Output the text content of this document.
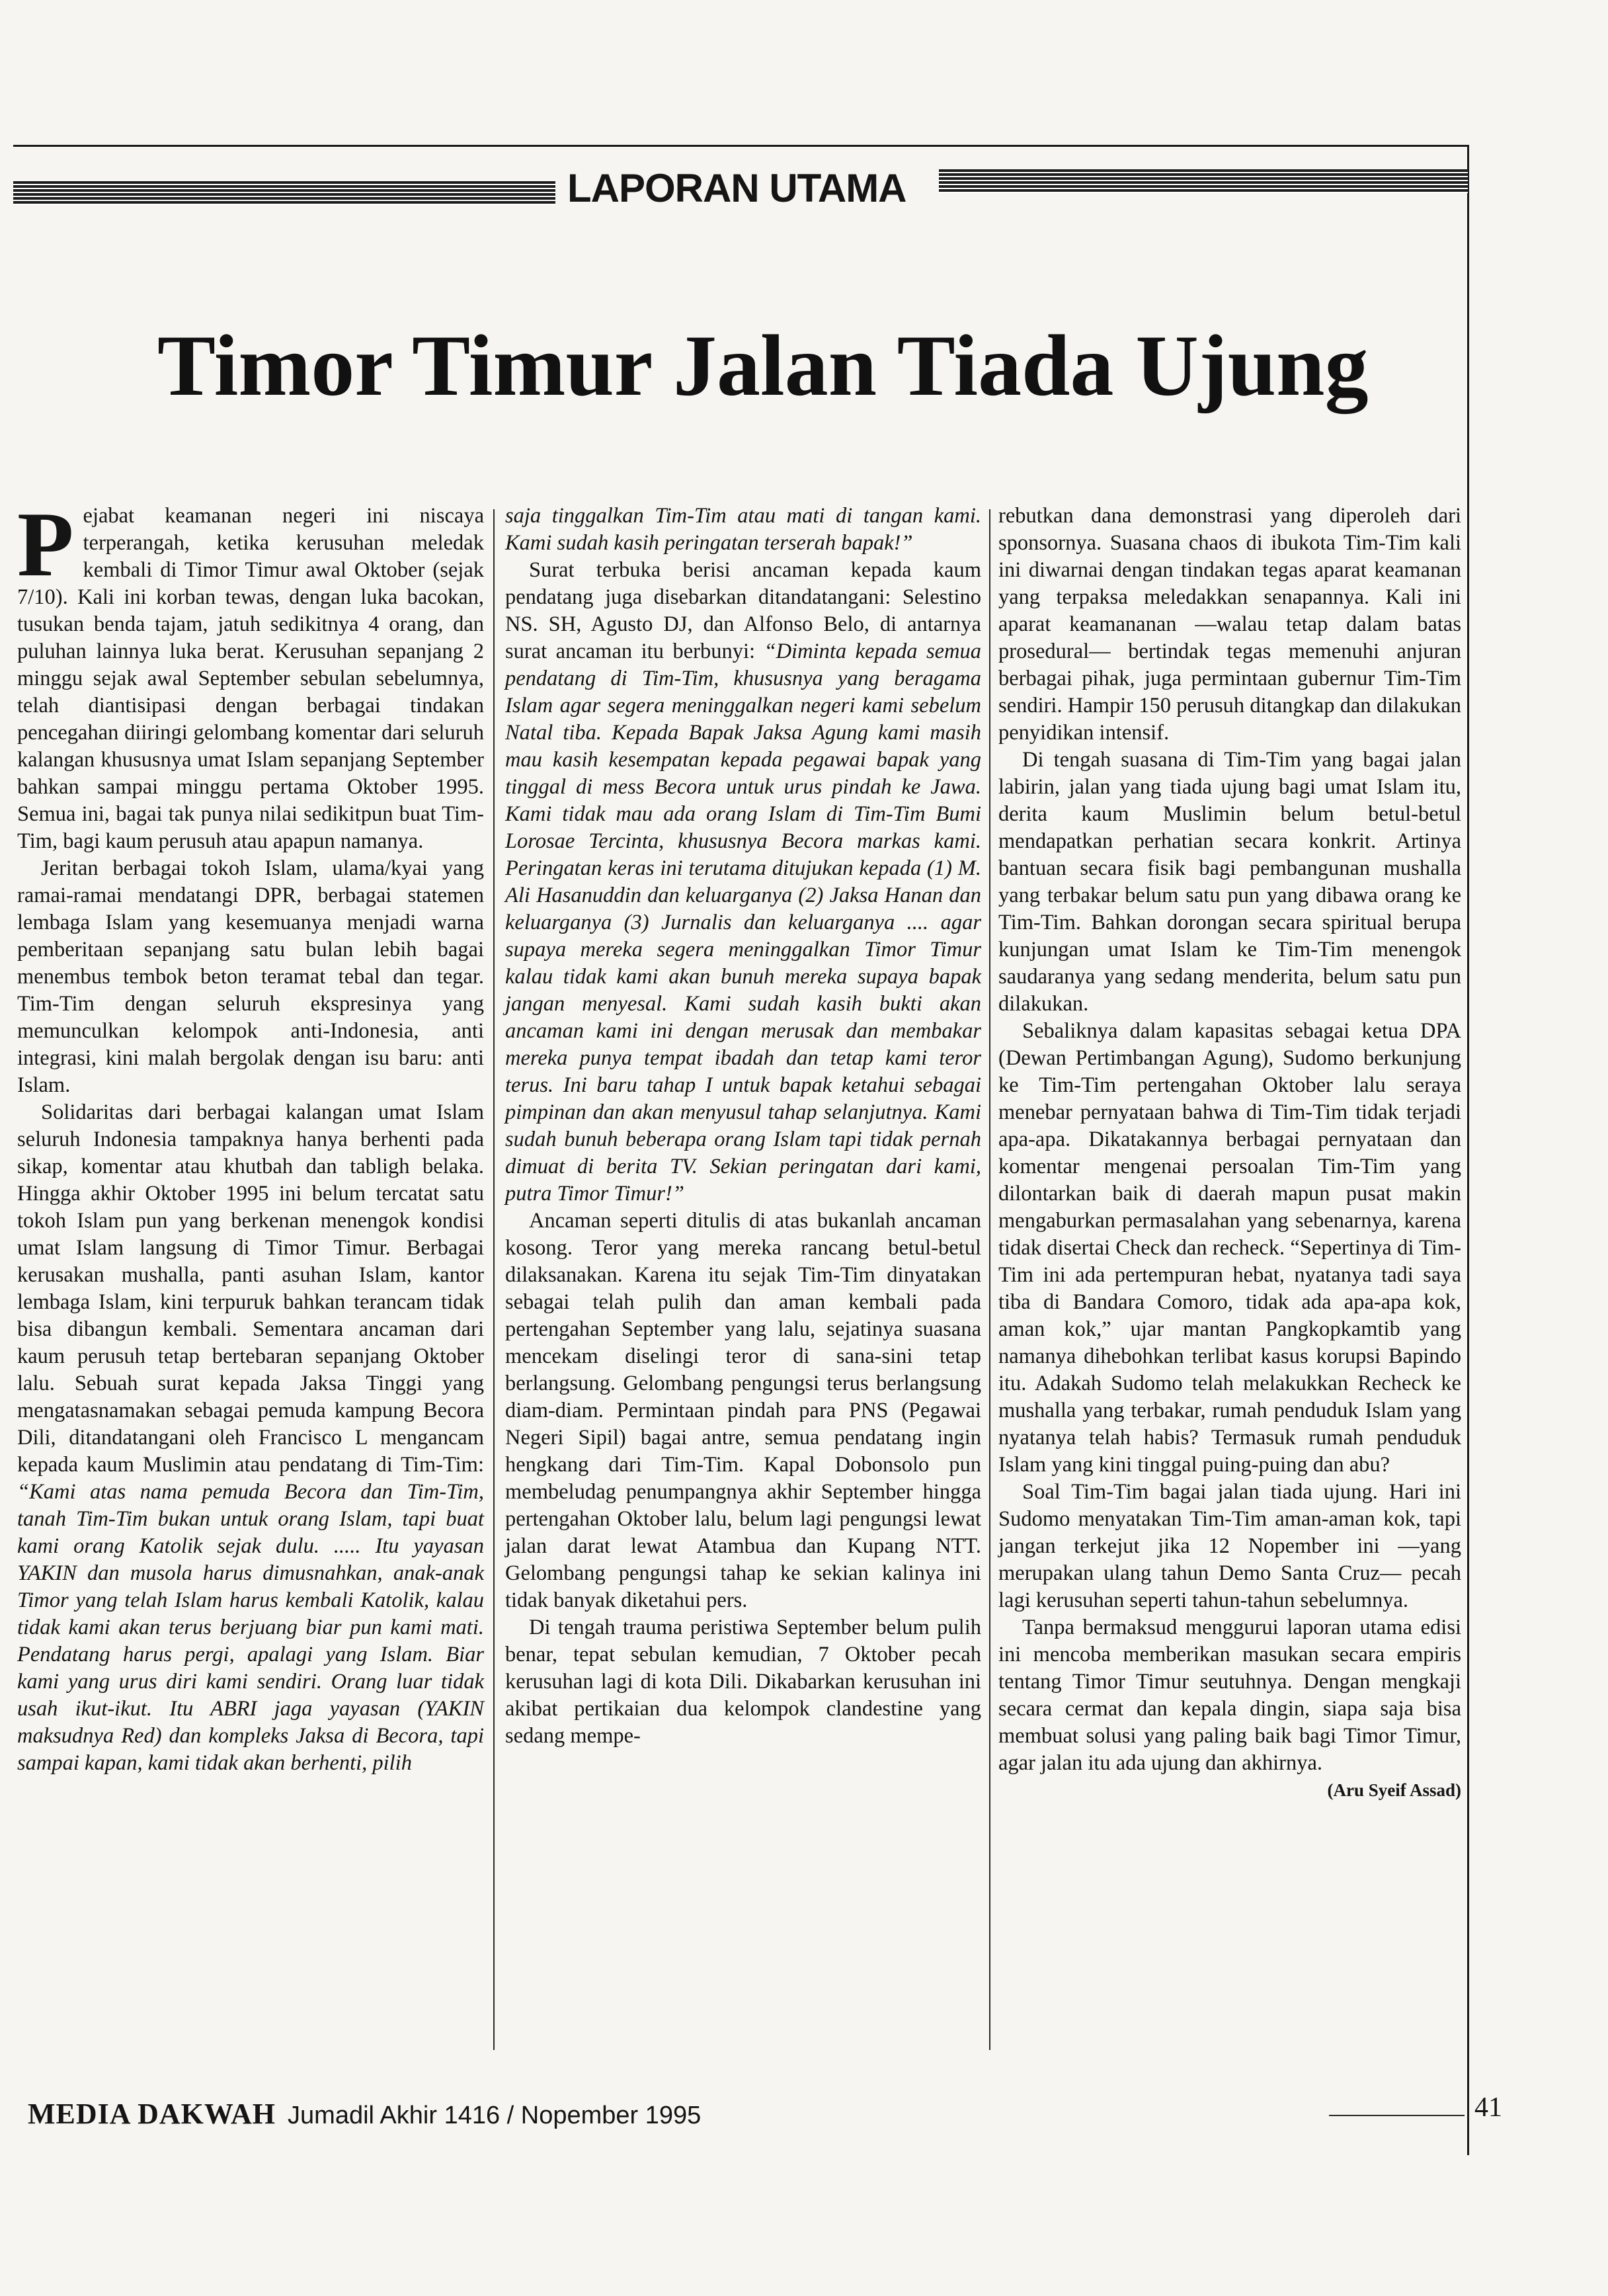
LAPORAN UTAMA
Timor Timur Jalan Tiada Ujung

Pejabat keamanan negeri ini niscaya terperangah, ketika kerusuhan meledak kembali di Timor Timur awal Oktober (sejak 7/10). Kali ini korban tewas, dengan luka bacokan, tusukan benda tajam, jatuh sedikitnya 4 orang, dan puluhan lainnya luka berat. Kerusuhan sepanjang 2 minggu sejak awal September sebulan sebelumnya, telah diantisipasi dengan berbagai tindakan pencegahan diiringi gelombang komentar dari seluruh kalangan khususnya umat Islam sepanjang September bahkan sampai minggu pertama Oktober 1995. Semua ini, bagai tak punya nilai sedikitpun buat Tim-Tim, bagi kaum perusuh atau apapun namanya.

Jeritan berbagai tokoh Islam, ulama/kyai yang ramai-ramai mendatangi DPR, berbagai statemen lembaga Islam yang kesemuanya menjadi warna pemberitaan sepanjang satu bulan lebih bagai menembus tembok beton teramat tebal dan tegar. Tim-Tim dengan seluruh ekspresinya yang memunculkan kelompok anti-Indonesia, anti integrasi, kini malah bergolak dengan isu baru: anti Islam.

Solidaritas dari berbagai kalangan umat Islam seluruh Indonesia tampaknya hanya berhenti pada sikap, komentar atau khutbah dan tabligh belaka. Hingga akhir Oktober 1995 ini belum tercatat satu tokoh Islam pun yang berkenan menengok kondisi umat Islam langsung di Timor Timur. Berbagai kerusakan mushalla, panti asuhan Islam, kantor lembaga Islam, kini terpuruk bahkan terancam tidak bisa dibangun kembali. Sementara ancaman dari kaum perusuh tetap bertebaran sepanjang Oktober lalu. Sebuah surat kepada Jaksa Tinggi yang mengatasnamakan sebagai pemuda kampung Becora Dili, ditandatangani oleh Francisco L mengancam kepada kaum Muslimin atau pendatang di Tim-Tim: “Kami atas nama pemuda Becora dan Tim-Tim, tanah Tim-Tim bukan untuk orang Islam, tapi buat kami orang Katolik sejak dulu. ..... Itu yayasan YAKIN dan musola harus dimusnahkan, anak-anak Timor yang telah Islam harus kembali Katolik, kalau tidak kami akan terus berjuang biar pun kami mati. Pendatang harus pergi, apalagi yang Islam. Biar kami yang urus diri kami sendiri. Orang luar tidak usah ikut-ikut. Itu ABRI jaga yayasan (YAKIN maksudnya Red) dan kompleks Jaksa di Becora, tapi sampai kapan, kami tidak akan berhenti, pilih

saja tinggalkan Tim-Tim atau mati di tangan kami. Kami sudah kasih peringatan terserah bapak!”

Surat terbuka berisi ancaman kepada kaum pendatang juga disebarkan ditandatangani: Selestino NS. SH, Agusto DJ, dan Alfonso Belo, di antarnya surat ancaman itu berbunyi: “Diminta kepada semua pendatang di Tim-Tim, khususnya yang beragama Islam agar segera meninggalkan negeri kami sebelum Natal tiba. Kepada Bapak Jaksa Agung kami masih mau kasih kesempatan kepada pegawai bapak yang tinggal di mess Becora untuk urus pindah ke Jawa. Kami tidak mau ada orang Islam di Tim-Tim Bumi Lorosae Tercinta, khususnya Becora markas kami. Peringatan keras ini terutama ditujukan kepada (1) M. Ali Hasanuddin dan keluarganya (2) Jaksa Hanan dan keluarganya (3) Jurnalis dan keluarganya .... agar supaya mereka segera meninggalkan Timor Timur kalau tidak kami akan bunuh mereka supaya bapak jangan menyesal. Kami sudah kasih bukti akan ancaman kami ini dengan merusak dan membakar mereka punya tempat ibadah dan tetap kami teror terus. Ini baru tahap I untuk bapak ketahui sebagai pimpinan dan akan menyusul tahap selanjutnya. Kami sudah bunuh beberapa orang Islam tapi tidak pernah dimuat di berita TV. Sekian peringatan dari kami, putra Timor Timur!”

Ancaman seperti ditulis di atas bukanlah ancaman kosong. Teror yang mereka rancang betul-betul dilaksanakan. Karena itu sejak Tim-Tim dinyatakan sebagai telah pulih dan aman kembali pada pertengahan September yang lalu, sejatinya suasana mencekam diselingi teror di sana-sini tetap berlangsung. Gelombang pengungsi terus berlangsung diam-diam. Permintaan pindah para PNS (Pegawai Negeri Sipil) bagai antre, semua pendatang ingin hengkang dari Tim-Tim. Kapal Dobonsolo pun membeludag penumpangnya akhir September hingga pertengahan Oktober lalu, belum lagi pengungsi lewat jalan darat lewat Atambua dan Kupang NTT. Gelombang pengungsi tahap ke sekian kalinya ini tidak banyak diketahui pers.

Di tengah trauma peristiwa September belum pulih benar, tepat sebulan kemudian, 7 Oktober pecah kerusuhan lagi di kota Dili. Dikabarkan kerusuhan ini akibat pertikaian dua kelompok clandestine yang sedang mempe-

rebutkan dana demonstrasi yang diperoleh dari sponsornya. Suasana chaos di ibukota Tim-Tim kali ini diwarnai dengan tindakan tegas aparat keamanan yang terpaksa meledakkan senapannya. Kali ini aparat keamananan —walau tetap dalam batas prosedural— bertindak tegas memenuhi anjuran berbagai pihak, juga permintaan gubernur Tim-Tim sendiri. Hampir 150 perusuh ditangkap dan dilakukan penyidikan intensif.

Di tengah suasana di Tim-Tim yang bagai jalan labirin, jalan yang tiada ujung bagi umat Islam itu, derita kaum Muslimin belum betul-betul mendapatkan perhatian secara konkrit. Artinya bantuan secara fisik bagi pembangunan mushalla yang terbakar belum satu pun yang dibawa orang ke Tim-Tim. Bahkan dorongan secara spiritual berupa kunjungan umat Islam ke Tim-Tim menengok saudaranya yang sedang menderita, belum satu pun dilakukan.

Sebaliknya dalam kapasitas sebagai ketua DPA (Dewan Pertimbangan Agung), Sudomo berkunjung ke Tim-Tim pertengahan Oktober lalu seraya menebar pernyataan bahwa di Tim-Tim tidak terjadi apa-apa. Dikatakannya berbagai pernyataan dan komentar mengenai persoalan Tim-Tim yang dilontarkan baik di daerah mapun pusat makin mengaburkan permasalahan yang sebenarnya, karena tidak disertai Check dan recheck. “Sepertinya di Tim-Tim ini ada pertempuran hebat, nyatanya tadi saya tiba di Bandara Comoro, tidak ada apa-apa kok, aman kok,” ujar mantan Pangkopkamtib yang namanya dihebohkan terlibat kasus korupsi Bapindo itu. Adakah Sudomo telah melakukkan Recheck ke mushalla yang terbakar, rumah penduduk Islam yang nyatanya telah habis? Termasuk rumah penduduk Islam yang kini tinggal puing-puing dan abu?

Soal Tim-Tim bagai jalan tiada ujung. Hari ini Sudomo menyatakan Tim-Tim aman-aman kok, tapi jangan terkejut jika 12 Nopember ini —yang merupakan ulang tahun Demo Santa Cruz— pecah lagi kerusuhan seperti tahun-tahun sebelumnya.

Tanpa bermaksud menggurui laporan utama edisi ini mencoba memberikan masukan secara empiris tentang Timor Timur seutuhnya. Dengan mengkaji secara cermat dan kepala dingin, siapa saja bisa membuat solusi yang paling baik bagi Timor Timur, agar jalan itu ada ujung dan akhirnya.
(Aru Syeif Assad)

MEDIA DAKWAH Jumadil Akhir 1416 / Nopember 1995	41
